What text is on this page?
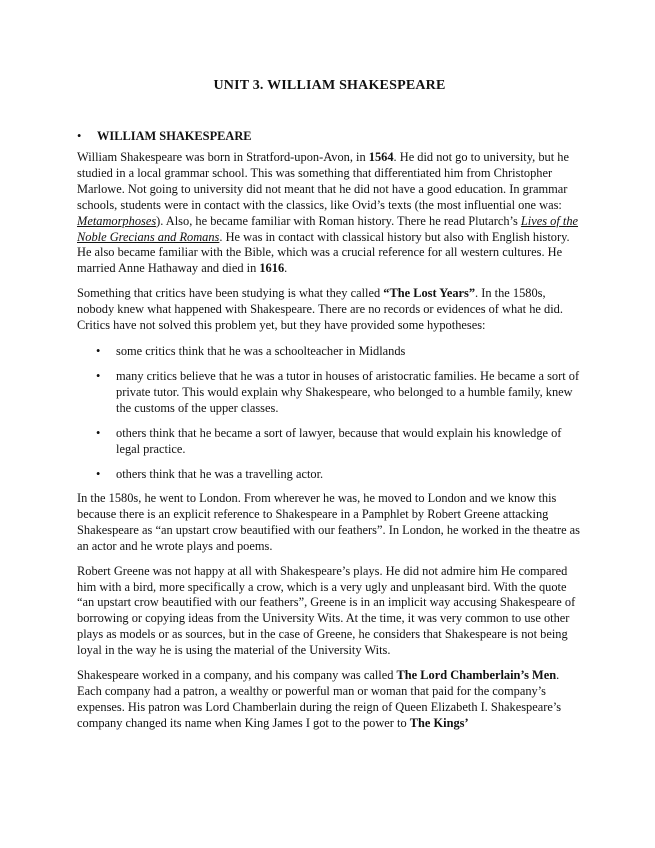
UNIT 3. WILLIAM SHAKESPEARE
• WILLIAM SHAKESPEARE

William Shakespeare was born in Stratford-upon-Avon, in 1564. He did not go to university, but he studied in a local grammar school. This was something that differentiated him from Christopher Marlowe. Not going to university did not meant that he did not have a good education. In grammar schools, students were in contact with the classics, like Ovid’s texts (the most influential one was: Metamorphoses). Also, he became familiar with Roman history. There he read Plutarch’s Lives of the Noble Grecians and Romans. He was in contact with classical history but also with English history. He also became familiar with the Bible, which was a crucial reference for all western cultures. He married Anne Hathaway and died in 1616.

Something that critics have been studying is what they called “The Lost Years”. In the 1580s, nobody knew what happened with Shakespeare. There are no records or evidences of what he did. Critics have not solved this problem yet, but they have provided some hypotheses:

• some critics think that he was a schoolteacher in Midlands
• many critics believe that he was a tutor in houses of aristocratic families. He became a sort of private tutor. This would explain why Shakespeare, who belonged to a humble family, knew the customs of the upper classes.
• others think that he became a sort of lawyer, because that would explain his knowledge of legal practice.
• others think that he was a travelling actor.

In the 1580s, he went to London. From wherever he was, he moved to London and we know this because there is an explicit reference to Shakespeare in a Pamphlet by Robert Greene attacking Shakespeare as “an upstart crow beautified with our feathers”. In London, he worked in the theatre as an actor and he wrote plays and poems.

Robert Greene was not happy at all with Shakespeare’s plays. He did not admire him He compared him with a bird, more specifically a crow, which is a very ugly and unpleasant bird. With the quote “an upstart crow beautified with our feathers”, Greene is in an implicit way accusing Shakespeare of borrowing or copying ideas from the University Wits. At the time, it was very common to use other plays as models or as sources, but in the case of Greene, he considers that Shakespeare is not being loyal in the way he is using the material of the University Wits.

Shakespeare worked in a company, and his company was called The Lord Chamberlain’s Men. Each company had a patron, a wealthy or powerful man or woman that paid for the company’s expenses. His patron was Lord Chamberlain during the reign of Queen Elizabeth I. Shakespeare’s company changed its name when King James I got to the power to The Kings’
